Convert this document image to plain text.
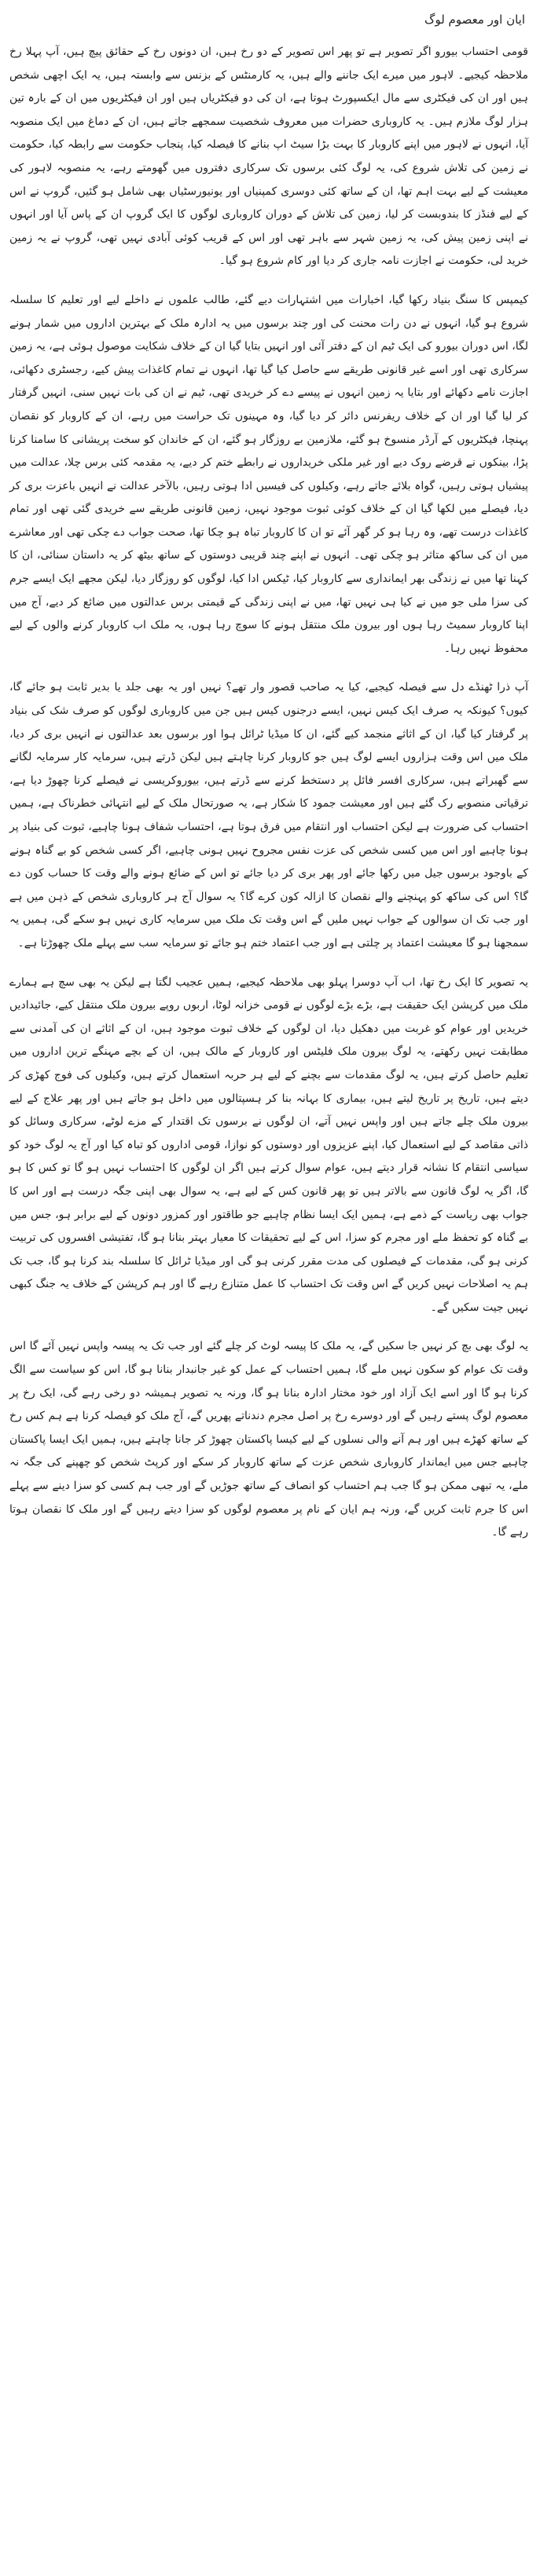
ایان اور معصوم لوگ

قومی احتساب بیورو اگر تصویر ہے تو پھر اس تصویر کے دو رخ ہیں، ان دونوں رخ کے حقائق پیچ ہیں، آپ پہلا رخ ملاحظہ کیجیے۔ لاہور میں میرے ایک جاننے والے ہیں، یہ کارمنٹس کے بزنس سے وابستہ ہیں، یہ ایک اچھی شخص ہیں اور ان کی فیکٹری سے مال ایکسپورٹ ہوتا ہے، ان کی دو فیکٹریاں ہیں اور ان فیکٹریوں میں ان کے بارہ تین ہزار لوگ ملازم ہیں۔ یہ کاروباری حضرات میں معروف شخصیت سمجھے جاتے ہیں، ان کے دماغ میں ایک منصوبہ آیا، انہوں نے لاہور میں اپنے کاروبار کا بہت بڑا سیٹ اپ بنانے کا فیصلہ کیا، پنجاب حکومت سے رابطہ کیا، حکومت نے زمین کی تلاش شروع کی، یہ لوگ کئی برسوں تک سرکاری دفتروں میں گھومتے رہے، یہ منصوبہ لاہور کی معیشت کے لیے بہت اہم تھا، ان کے ساتھ کئی دوسری کمپنیاں اور یونیورسٹیاں بھی شامل ہو گئیں، گروپ نے اس کے لیے فنڈز کا بندوبست کر لیا، زمین کی تلاش کے دوران کاروباری لوگوں کا ایک گروپ ان کے پاس آیا اور انہوں نے اپنی زمین پیش کی، یہ زمین شہر سے باہر تھی اور اس کے قریب کوئی آبادی نہیں تھی، گروپ نے یہ زمین خرید لی، حکومت نے اجازت نامہ جاری کر دیا اور کام شروع ہو گیا۔

کیمپس کا سنگ بنیاد رکھا گیا، اخبارات میں اشتہارات دیے گئے، طالب علموں نے داخلے لیے اور تعلیم کا سلسلہ شروع ہو گیا، انہوں نے دن رات محنت کی اور چند برسوں میں یہ ادارہ ملک کے بہترین اداروں میں شمار ہونے لگا، اس دوران بیورو کی ایک ٹیم ان کے دفتر آئی اور انہیں بتایا گیا ان کے خلاف شکایت موصول ہوئی ہے، یہ زمین سرکاری تھی اور اسے غیر قانونی طریقے سے حاصل کیا گیا تھا، انہوں نے تمام کاغذات پیش کیے، رجسٹری دکھائی، اجازت نامے دکھائے اور بتایا یہ زمین انہوں نے پیسے دے کر خریدی تھی، ٹیم نے ان کی بات نہیں سنی، انہیں گرفتار کر لیا گیا اور ان کے خلاف ریفرنس دائر کر دیا گیا، وہ مہینوں تک حراست میں رہے، ان کے کاروبار کو نقصان پہنچا، فیکٹریوں کے آرڈر منسوخ ہو گئے، ملازمین بے روزگار ہو گئے، ان کے خاندان کو سخت پریشانی کا سامنا کرنا پڑا، بینکوں نے قرضے روک دیے اور غیر ملکی خریداروں نے رابطے ختم کر دیے، یہ مقدمہ کئی برس چلا، عدالت میں پیشیاں ہوتی رہیں، گواہ بلائے جاتے رہے، وکیلوں کی فیسیں ادا ہوتی رہیں، بالآخر عدالت نے انہیں باعزت بری کر دیا، فیصلے میں لکھا گیا ان کے خلاف کوئی ثبوت موجود نہیں، زمین قانونی طریقے سے خریدی گئی تھی اور تمام کاغذات درست تھے، وہ رہا ہو کر گھر آئے تو ان کا کاروبار تباہ ہو چکا تھا، صحت جواب دے چکی تھی اور معاشرے میں ان کی ساکھ متاثر ہو چکی تھی۔ انہوں نے اپنے چند قریبی دوستوں کے ساتھ بیٹھ کر یہ داستان سنائی، ان کا کہنا تھا میں نے زندگی بھر ایمانداری سے کاروبار کیا، ٹیکس ادا کیا، لوگوں کو روزگار دیا، لیکن مجھے ایک ایسے جرم کی سزا ملی جو میں نے کیا ہی نہیں تھا، میں نے اپنی زندگی کے قیمتی برس عدالتوں میں ضائع کر دیے، آج میں اپنا کاروبار سمیٹ رہا ہوں اور بیرون ملک منتقل ہونے کا سوچ رہا ہوں، یہ ملک اب کاروبار کرنے والوں کے لیے محفوظ نہیں رہا۔

آپ ذرا ٹھنڈے دل سے فیصلہ کیجیے، کیا یہ صاحب قصور وار تھے؟ نہیں اور یہ بھی جلد یا بدیر ثابت ہو جائے گا، کیوں؟ کیونکہ یہ صرف ایک کیس نہیں، ایسے درجنوں کیس ہیں جن میں کاروباری لوگوں کو صرف شک کی بنیاد پر گرفتار کیا گیا، ان کے اثاثے منجمد کیے گئے، ان کا میڈیا ٹرائل ہوا اور برسوں بعد عدالتوں نے انہیں بری کر دیا، ملک میں اس وقت ہزاروں ایسے لوگ ہیں جو کاروبار کرنا چاہتے ہیں لیکن ڈرتے ہیں، سرمایہ کار سرمایہ لگانے سے گھبراتے ہیں، سرکاری افسر فائل پر دستخط کرنے سے ڈرتے ہیں، بیوروکریسی نے فیصلے کرنا چھوڑ دیا ہے، ترقیاتی منصوبے رک گئے ہیں اور معیشت جمود کا شکار ہے، یہ صورتحال ملک کے لیے انتہائی خطرناک ہے، ہمیں احتساب کی ضرورت ہے لیکن احتساب اور انتقام میں فرق ہوتا ہے، احتساب شفاف ہونا چاہیے، ثبوت کی بنیاد پر ہونا چاہیے اور اس میں کسی شخص کی عزت نفس مجروح نہیں ہونی چاہیے، اگر کسی شخص کو بے گناہ ہونے کے باوجود برسوں جیل میں رکھا جائے اور پھر بری کر دیا جائے تو اس کے ضائع ہونے والے وقت کا حساب کون دے گا؟ اس کی ساکھ کو پہنچنے والے نقصان کا ازالہ کون کرے گا؟ یہ سوال آج ہر کاروباری شخص کے ذہن میں ہے اور جب تک ان سوالوں کے جواب نہیں ملیں گے اس وقت تک ملک میں سرمایہ کاری نہیں ہو سکے گی، ہمیں یہ سمجھنا ہو گا معیشت اعتماد پر چلتی ہے اور جب اعتماد ختم ہو جائے تو سرمایہ سب سے پہلے ملک چھوڑتا ہے۔

یہ تصویر کا ایک رخ تھا، اب آپ دوسرا پہلو بھی ملاحظہ کیجیے، ہمیں عجیب لگتا ہے لیکن یہ بھی سچ ہے ہمارے ملک میں کرپشن ایک حقیقت ہے، بڑے بڑے لوگوں نے قومی خزانہ لوٹا، اربوں روپے بیرون ملک منتقل کیے، جائیدادیں خریدیں اور عوام کو غربت میں دھکیل دیا، ان لوگوں کے خلاف ثبوت موجود ہیں، ان کے اثاثے ان کی آمدنی سے مطابقت نہیں رکھتے، یہ لوگ بیرون ملک فلیٹس اور کاروبار کے مالک ہیں، ان کے بچے مہنگے ترین اداروں میں تعلیم حاصل کرتے ہیں، یہ لوگ مقدمات سے بچنے کے لیے ہر حربہ استعمال کرتے ہیں، وکیلوں کی فوج کھڑی کر دیتے ہیں، تاریخ پر تاریخ لیتے ہیں، بیماری کا بہانہ بنا کر ہسپتالوں میں داخل ہو جاتے ہیں اور پھر علاج کے لیے بیرون ملک چلے جاتے ہیں اور واپس نہیں آتے، ان لوگوں نے برسوں تک اقتدار کے مزے لوٹے، سرکاری وسائل کو ذاتی مقاصد کے لیے استعمال کیا، اپنے عزیزوں اور دوستوں کو نوازا، قومی اداروں کو تباہ کیا اور آج یہ لوگ خود کو سیاسی انتقام کا نشانہ قرار دیتے ہیں، عوام سوال کرتے ہیں اگر ان لوگوں کا احتساب نہیں ہو گا تو کس کا ہو گا، اگر یہ لوگ قانون سے بالاتر ہیں تو پھر قانون کس کے لیے ہے، یہ سوال بھی اپنی جگہ درست ہے اور اس کا جواب بھی ریاست کے ذمے ہے، ہمیں ایک ایسا نظام چاہیے جو طاقتور اور کمزور دونوں کے لیے برابر ہو، جس میں بے گناہ کو تحفظ ملے اور مجرم کو سزا، اس کے لیے تحقیقات کا معیار بہتر بنانا ہو گا، تفتیشی افسروں کی تربیت کرنی ہو گی، مقدمات کے فیصلوں کی مدت مقرر کرنی ہو گی اور میڈیا ٹرائل کا سلسلہ بند کرنا ہو گا، جب تک ہم یہ اصلاحات نہیں کریں گے اس وقت تک احتساب کا عمل متنازع رہے گا اور ہم کرپشن کے خلاف یہ جنگ کبھی نہیں جیت سکیں گے۔

یہ لوگ بھی بچ کر نہیں جا سکیں گے، یہ ملک کا پیسہ لوٹ کر چلے گئے اور جب تک یہ پیسہ واپس نہیں آئے گا اس وقت تک عوام کو سکون نہیں ملے گا، ہمیں احتساب کے عمل کو غیر جانبدار بنانا ہو گا، اس کو سیاست سے الگ کرنا ہو گا اور اسے ایک آزاد اور خود مختار ادارہ بنانا ہو گا، ورنہ یہ تصویر ہمیشہ دو رخی رہے گی، ایک رخ پر معصوم لوگ پستے رہیں گے اور دوسرے رخ پر اصل مجرم دندناتے پھریں گے، آج ملک کو فیصلہ کرنا ہے ہم کس رخ کے ساتھ کھڑے ہیں اور ہم آنے والی نسلوں کے لیے کیسا پاکستان چھوڑ کر جانا چاہتے ہیں، ہمیں ایک ایسا پاکستان چاہیے جس میں ایماندار کاروباری شخص عزت کے ساتھ کاروبار کر سکے اور کرپٹ شخص کو چھپنے کی جگہ نہ ملے، یہ تبھی ممکن ہو گا جب ہم احتساب کو انصاف کے ساتھ جوڑیں گے اور جب ہم کسی کو سزا دینے سے پہلے اس کا جرم ثابت کریں گے، ورنہ ہم ایان کے نام پر معصوم لوگوں کو سزا دیتے رہیں گے اور ملک کا نقصان ہوتا رہے گا۔
